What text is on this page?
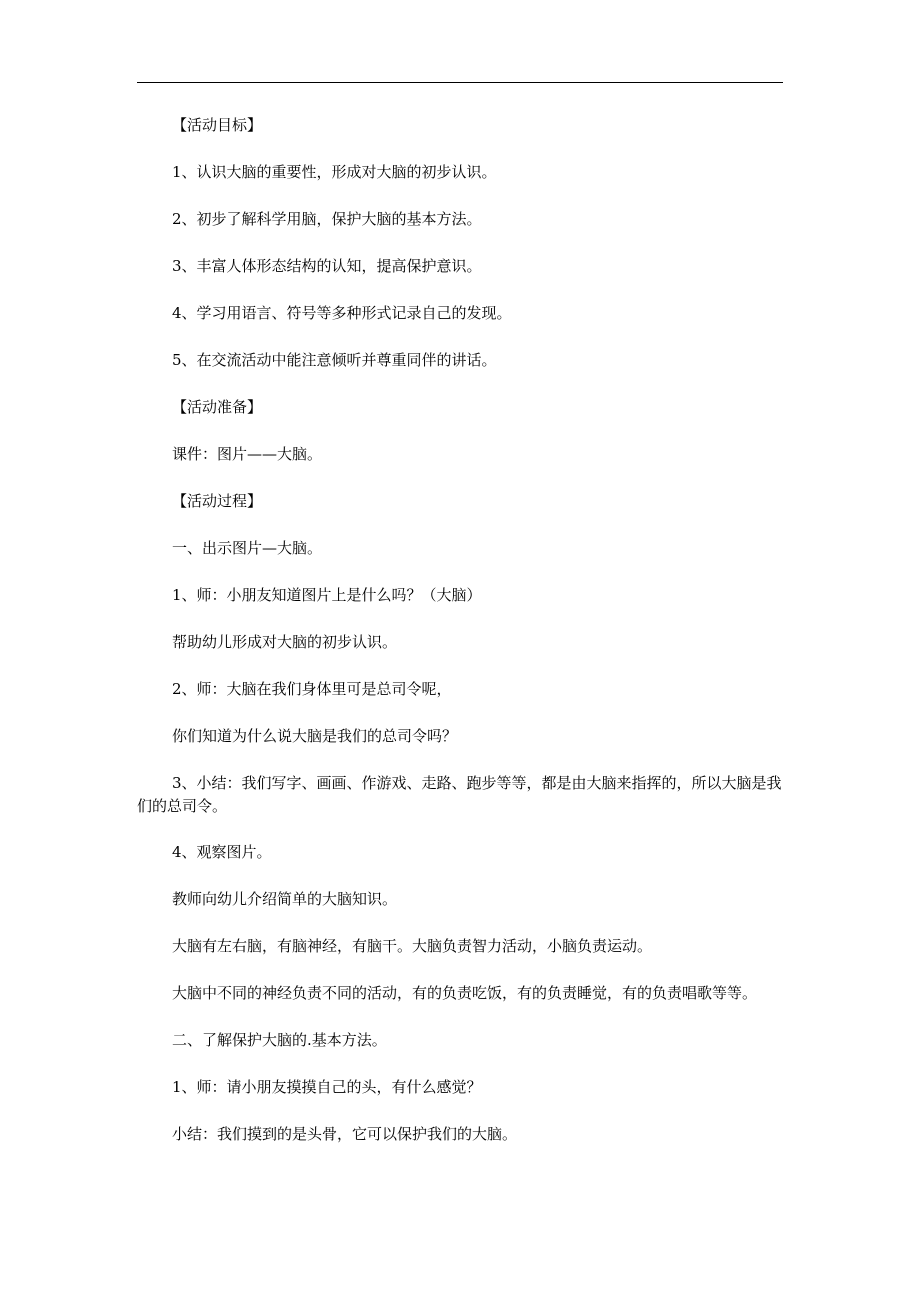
【活动目标】

1、认识大脑的重要性，形成对大脑的初步认识。

2、初步了解科学用脑，保护大脑的基本方法。

3、丰富人体形态结构的认知，提高保护意识。

4、学习用语言、符号等多种形式记录自己的发现。

5、在交流活动中能注意倾听并尊重同伴的讲话。

【活动准备】

课件：图片——大脑。

【活动过程】

一、出示图片—大脑。

1、师：小朋友知道图片上是什么吗？（大脑）

帮助幼儿形成对大脑的初步认识。

2、师：大脑在我们身体里可是总司令呢，

你们知道为什么说大脑是我们的总司令吗？

3、小结：我们写字、画画、作游戏、走路、跑步等等，都是由大脑来指挥的，所以大脑是我们的总司令。

4、观察图片。

教师向幼儿介绍简单的大脑知识。

大脑有左右脑，有脑神经，有脑干。大脑负责智力活动，小脑负责运动。

大脑中不同的神经负责不同的活动，有的负责吃饭，有的负责睡觉，有的负责唱歌等等。

二、了解保护大脑的.基本方法。

1、师：请小朋友摸摸自己的头，有什么感觉？

小结：我们摸到的是头骨，它可以保护我们的大脑。
